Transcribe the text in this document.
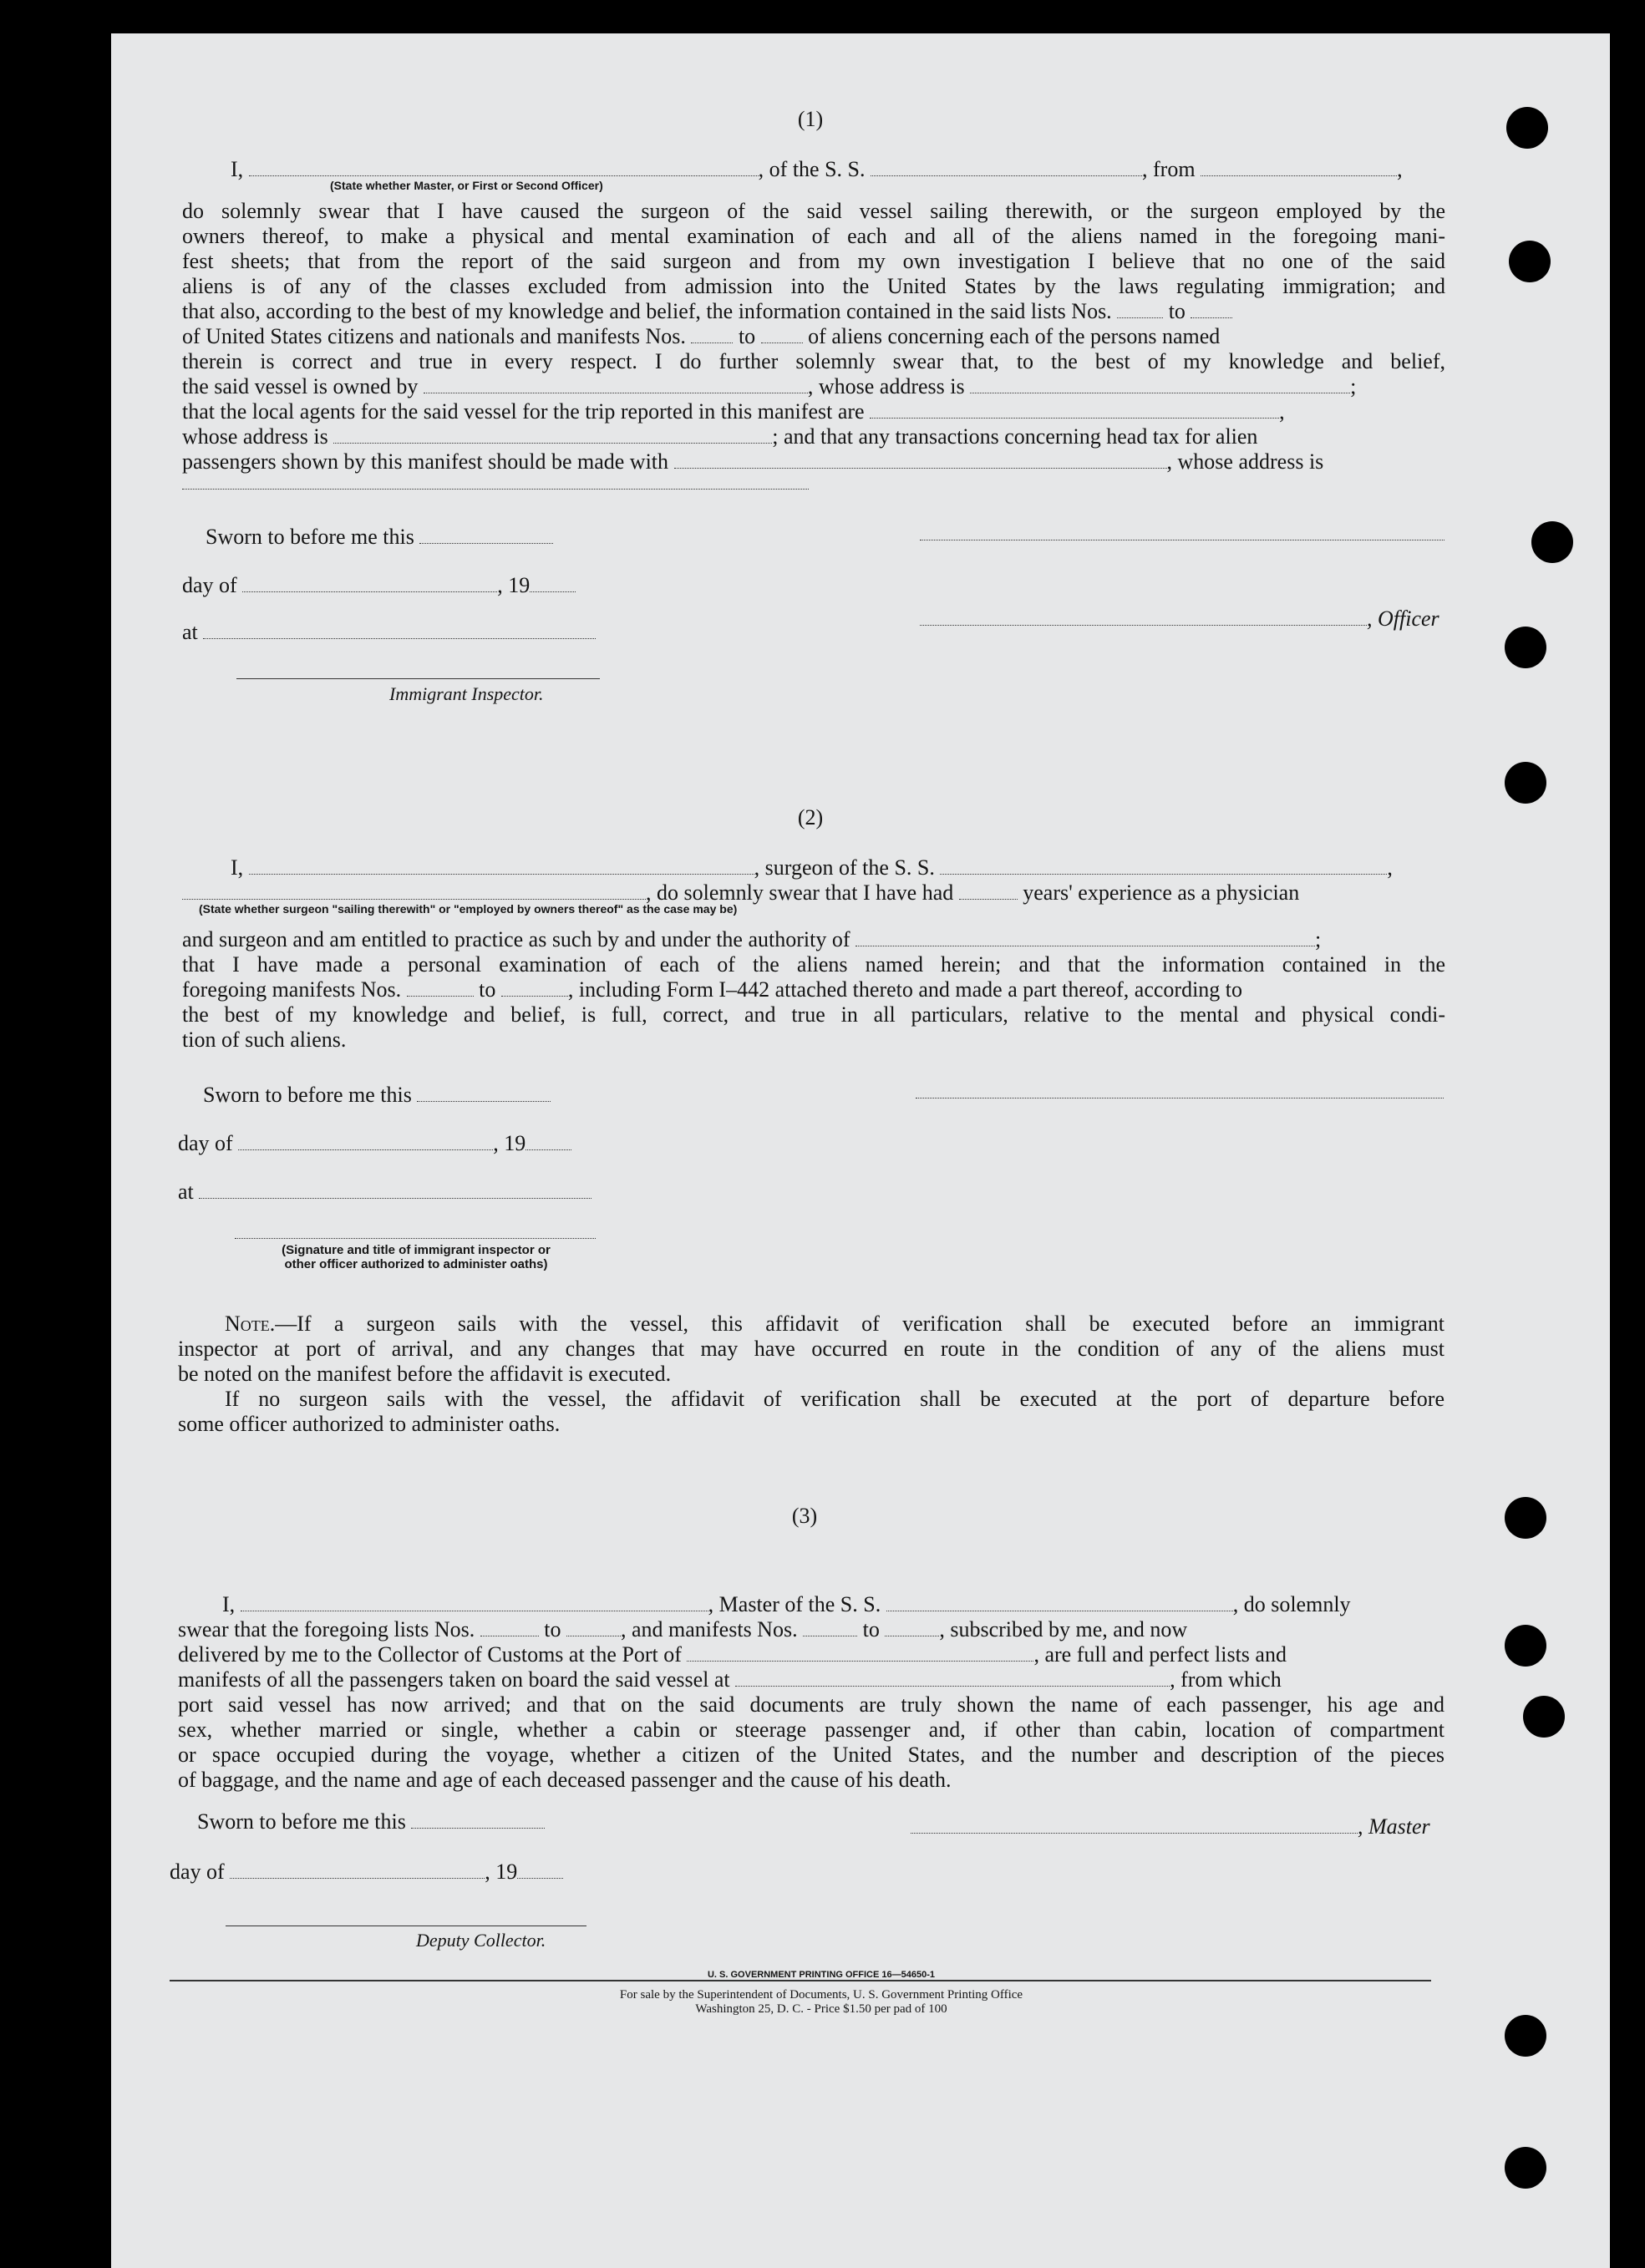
(1)
I,	, of the S. S.	, from	,
(State whether Master, or First or Second Officer)
do solemnly swear that I have caused the surgeon of the said vessel sailing therewith, or the surgeon employed by the
owners thereof, to make a physical and mental examination of each and all of the aliens named in the foregoing mani-
fest sheets; that from the report of the said surgeon and from my own investigation I believe that no one of the said
aliens is of any of the classes excluded from admission into the United States by the laws regulating immigration; and
that also, according to the best of my knowledge and belief, the information contained in the said lists Nos.	to
of United States citizens and nationals and manifests Nos. to of aliens concerning each of the persons named
therein is correct and true in every respect. I do further solemnly swear that, to the best of my knowledge and belief,
the said vessel is owned by	, whose address is	;
that the local agents for the said vessel for the trip reported in this manifest are	,
whose address is	; and that any transactions concerning head tax for alien
passengers shown by this manifest should be made with	, whose address is
Sworn to before me this
day of	, 19
, Officer
at
Immigrant Inspector.
(2)
I,	, surgeon of the S. S.	,
, do solemnly swear that I have had	years' experience as a physician
(State whether surgeon "sailing therewith" or "employed by owners thereof" as the case may be)
and surgeon and am entitled to practice as such by and under the authority of	;
that I have made a personal examination of each of the aliens named herein; and that the information contained in the
foregoing manifests Nos.	to	, including Form I–442 attached thereto and made a part thereof, according to
the best of my knowledge and belief, is full, correct, and true in all particulars, relative to the mental and physical condi-
tion of such aliens.
Sworn to before me this
day of	, 19
at
(Signature and title of immigrant inspector or
other officer authorized to administer oaths)
Note.—If a surgeon sails with the vessel, this affidavit of verification shall be executed before an immigrant
inspector at port of arrival, and any changes that may have occurred en route in the condition of any of the aliens must
be noted on the manifest before the affidavit is executed.
If no surgeon sails with the vessel, the affidavit of verification shall be executed at the port of departure before
some officer authorized to administer oaths.
(3)
I,	, Master of the S. S.	, do solemnly
swear that the foregoing lists Nos.	to	, and manifests Nos.	to	, subscribed by me, and now
delivered by me to the Collector of Customs at the Port of	, are full and perfect lists and
manifests of all the passengers taken on board the said vessel at	, from which
port said vessel has now arrived; and that on the said documents are truly shown the name of each passenger, his age and
sex, whether married or single, whether a cabin or steerage passenger and, if other than cabin, location of compartment
or space occupied during the voyage, whether a citizen of the United States, and the number and description of the pieces
of baggage, and the name and age of each deceased passenger and the cause of his death.
Sworn to before me this	, Master
day of	, 19
Deputy Collector.
U. S. GOVERNMENT PRINTING OFFICE 16—54650-1
For sale by the Superintendent of Documents, U. S. Government Printing Office
Washington 25, D. C. - Price $1.50 per pad of 100
